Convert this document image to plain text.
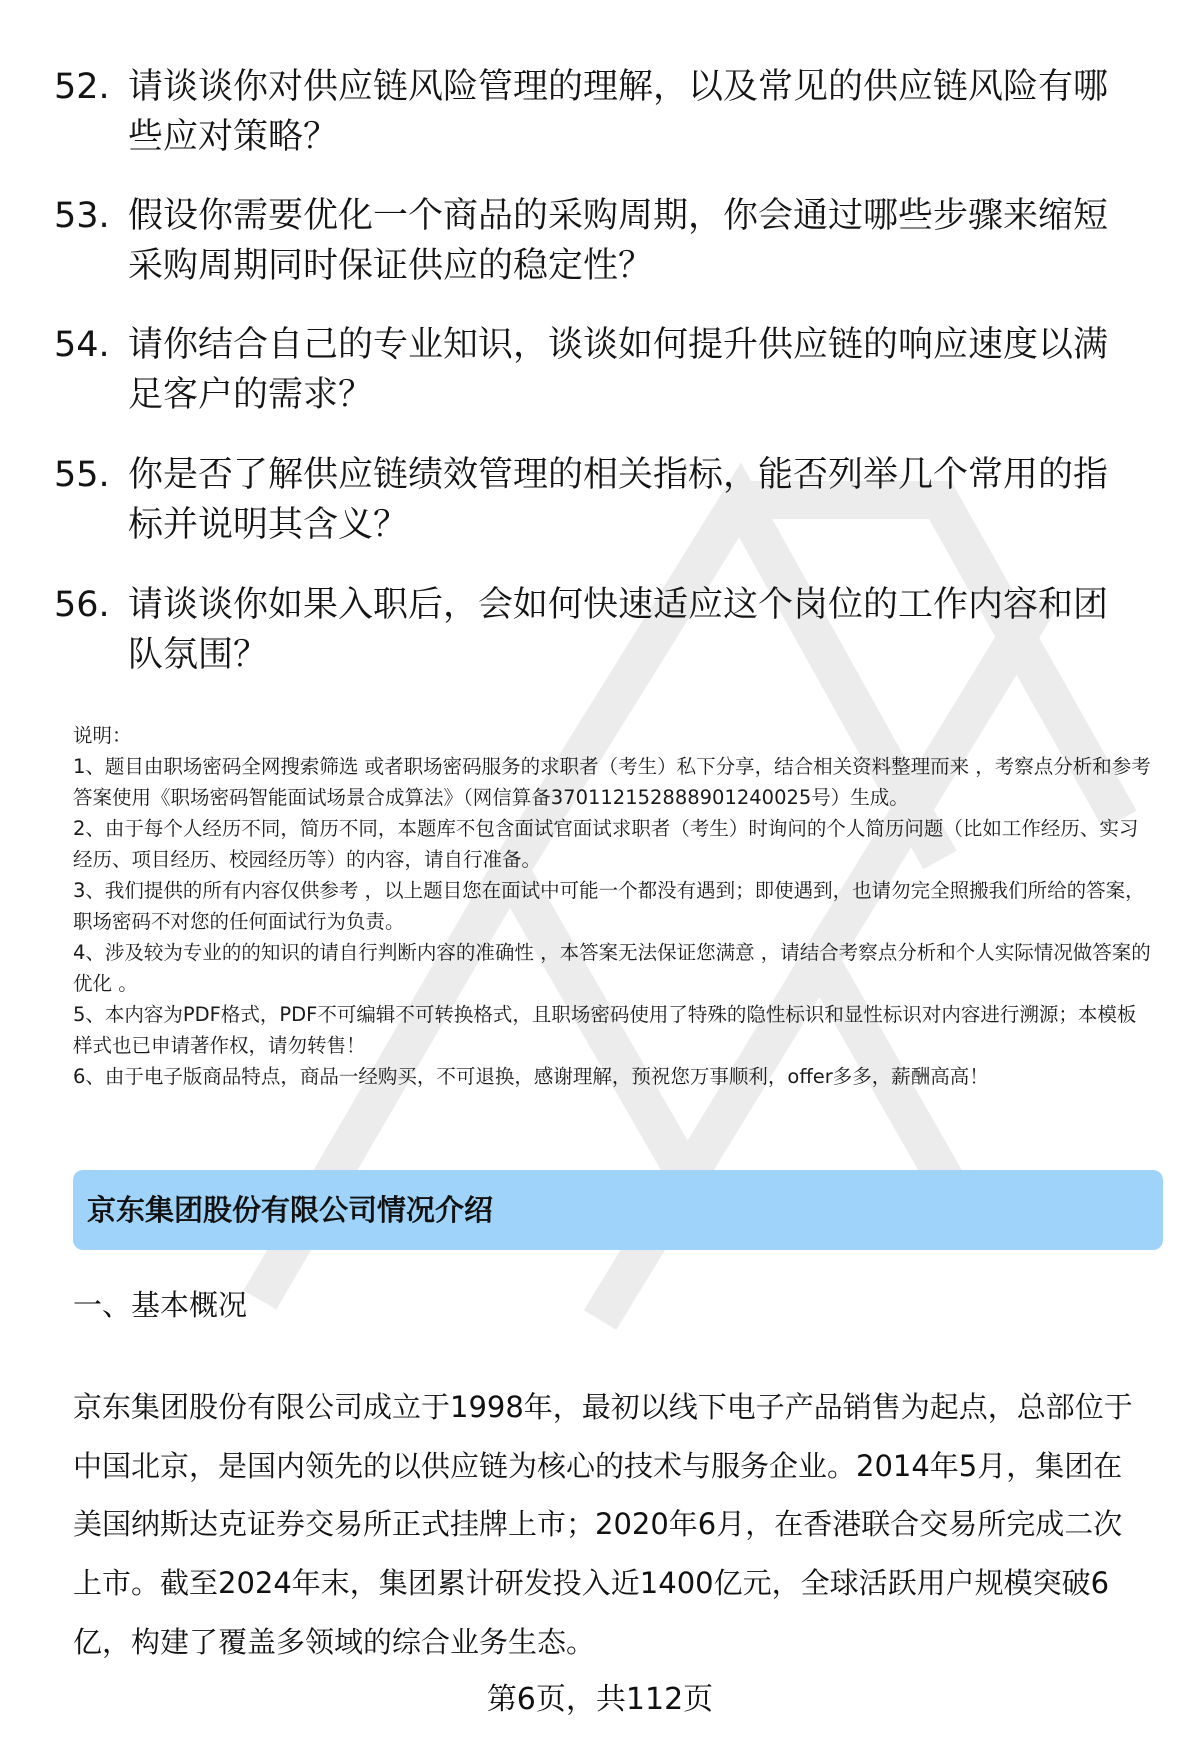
52. 请谈谈你对供应链风险管理的理解，以及常见的供应链风险有哪
些应对策略？
53. 假设你需要优化一个商品的采购周期，你会通过哪些步骤来缩短
采购周期同时保证供应的稳定性？
54. 请你结合自己的专业知识，谈谈如何提升供应链的响应速度以满
足客户的需求？
55. 你是否了解供应链绩效管理的相关指标，能否列举几个常用的指
标并说明其含义？
56. 请谈谈你如果入职后，会如何快速适应这个岗位的工作内容和团
队氛围？
说明：
1、题目由职场密码全网搜索筛选 或者职场密码服务的求职者（考生）私下分享，结合相关资料整理而来 ，考察点分析和参考答案使用《职场密码智能面试场景合成算法》（网信算备370112152888901240025号）生成。
2、由于每个人经历不同，简历不同，本题库不包含面试官面试求职者（考生）时询问的个人简历问题（比如工作经历、实习经历、项目经历、校园经历等）的内容，请自行准备。
3、我们提供的所有内容仅供参考 ，以上题目您在面试中可能一个都没有遇到；即使遇到，也请勿完全照搬我们所给的答案，职场密码不对您的任何面试行为负责。
4、涉及较为专业的的知识的请自行判断内容的准确性 ，本答案无法保证您满意 ，请结合考察点分析和个人实际情况做答案的优化 。
5、本内容为PDF格式，PDF不可编辑不可转换格式，且职场密码使用了特殊的隐性标识和显性标识对内容进行溯源；本模板样式也已申请著作权，请勿转售！
6、由于电子版商品特点，商品一经购买，不可退换，感谢理解，预祝您万事顺利，offer多多，薪酬高高！
京东集团股份有限公司情况介绍
一、基本概况
京东集团股份有限公司成立于1998年，最初以线下电子产品销售为起点，总部位于
中国北京，是国内领先的以供应链为核心的技术与服务企业。2014年5月，集团在
美国纳斯达克证券交易所正式挂牌上市；2020年6月，在香港联合交易所完成二次
上市。截至2024年末，集团累计研发投入近1400亿元，全球活跃用户规模突破6
亿，构建了覆盖多领域的综合业务生态。
第6页，共112页
